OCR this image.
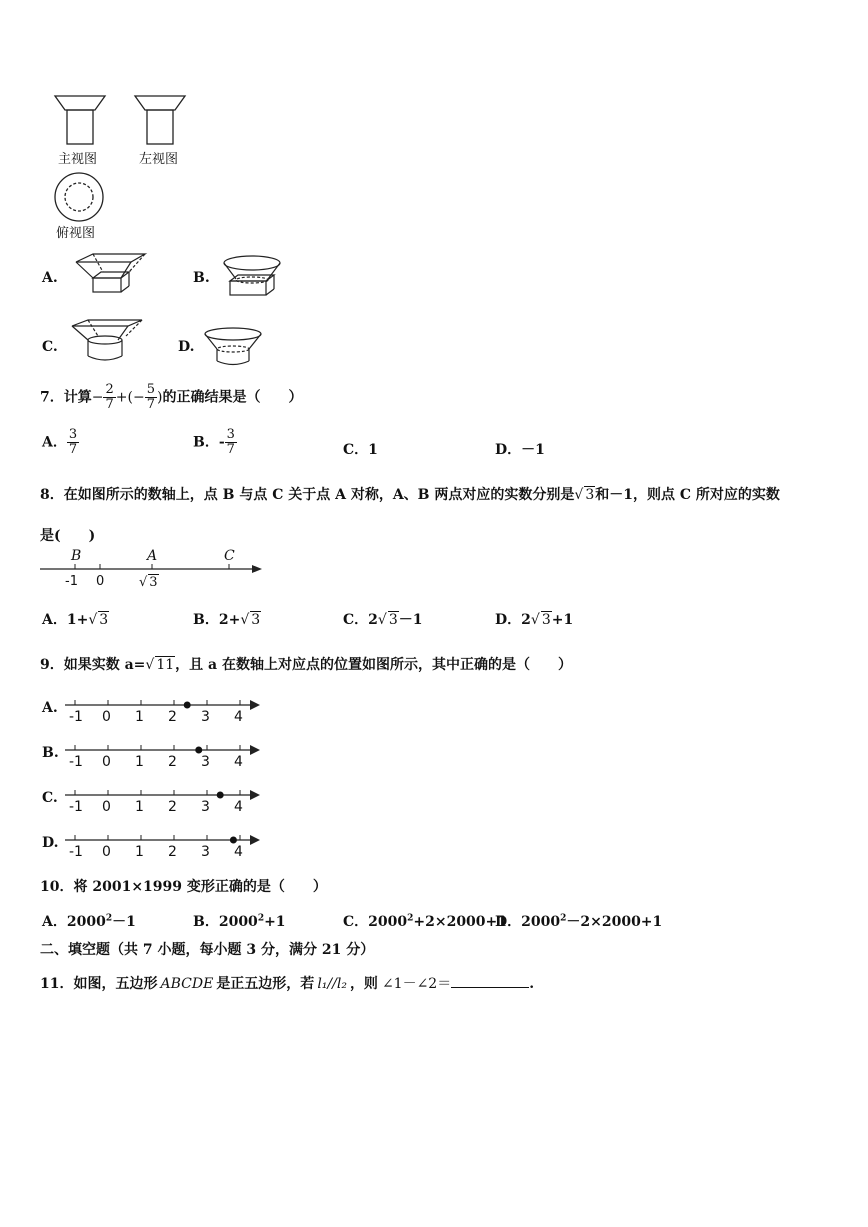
主视图	左视图
俯视图
A.	B.
C.	D.
7．计算− $\frac{2}{7}$ +(− $\frac{5}{7}$ )的正确结果是（　　）
A． $\frac{3}{7}$	B．- $\frac{3}{7}$	C．1	D．－1
8．在如图所示的数轴上，点 B 与点 C 关于点 A 对称，A、B 两点对应的实数分别是√ 3和－1，则点 C 所对应的实数
是(　　)
B	A	C
-1 0	√ 3
A．1+√ 3	B．2+√ 3	C．2√ 3－1	D．2√ 3+1
9．如果实数 a=√ 11，且 a 在数轴上对应点的位置如图所示，其中正确的是（　　）
A.
-1 0 1 2 3 4
B.
-1 0 1 2 3 4
C.
-1 0 1 2 3 4
D.
-1 0 1 2 3 4
10．将 2001×1999 变形正确的是（　　）
A．$2000^2-1$	B．$2000^2+1$	C．$2000^2+2\times 2000+1$
D．$2000^2-2\times 2000+1$
二、填空题（共 7 小题，每小题 3 分，满分 21 分）
11．如图，五边形 ABCDE 是正五边形，若 l₁//l₂ ，则 ∠1－∠2＝	.
